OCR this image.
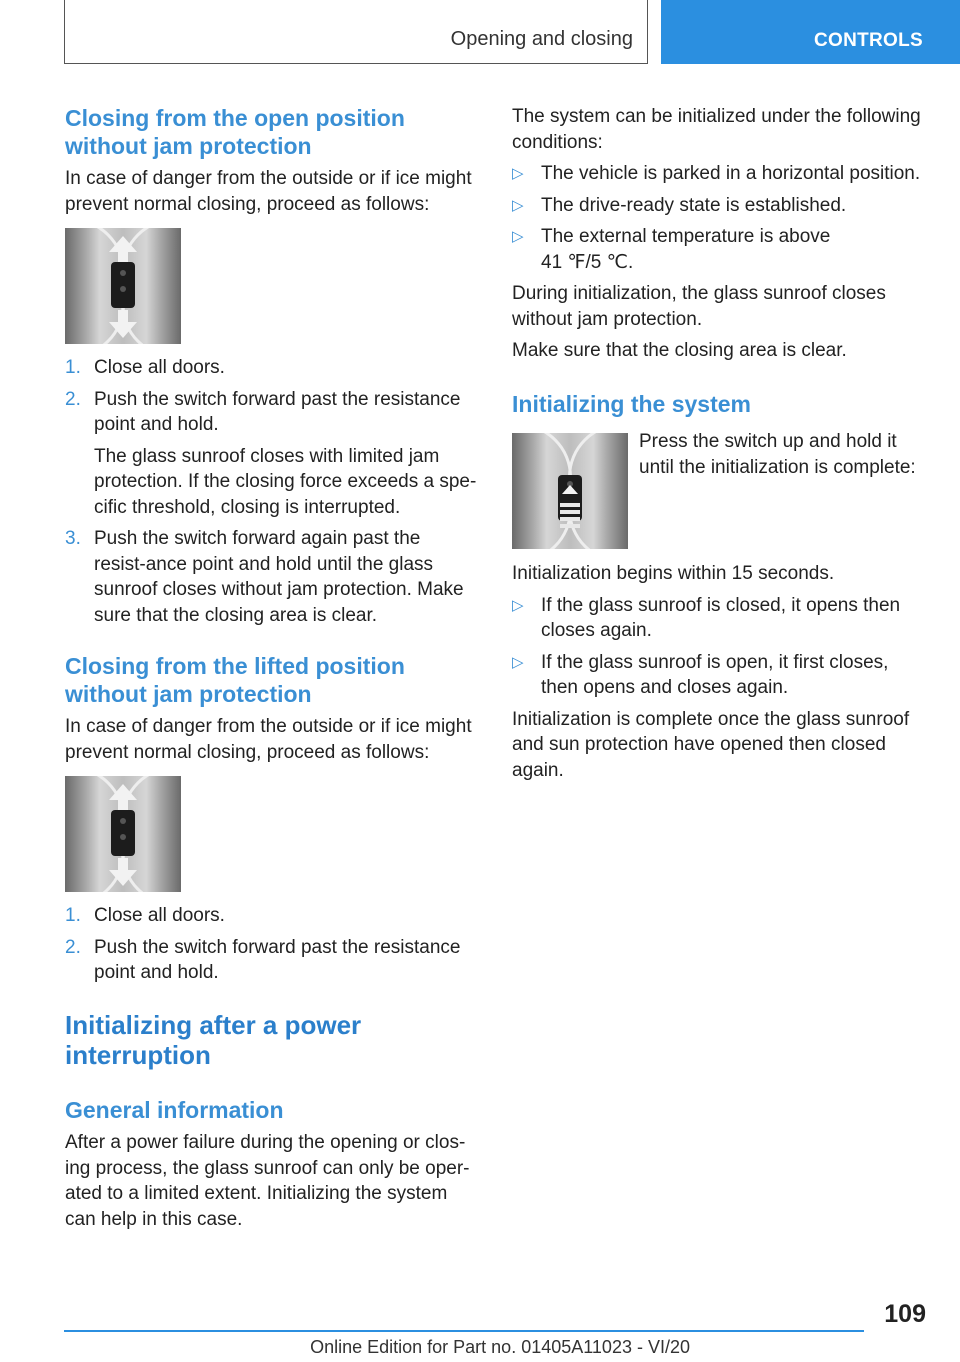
Opening and closing	CONTROLS
Closing from the open position without jam protection

In case of danger from the outside or if ice might prevent normal closing, proceed as follows:

1. Close all doors.
2. Push the switch forward past the resistance point and hold.
The glass sunroof closes with limited jam protection. If the closing force exceeds a spe‐cific threshold, closing is interrupted.
3. Push the switch forward again past the resist‐ance point and hold until the glass sunroof closes without jam protection. Make sure that the closing area is clear.
Closing from the lifted position without jam protection

In case of danger from the outside or if ice might prevent normal closing, proceed as follows:

1. Close all doors.
2. Push the switch forward past the resistance point and hold.
Initializing after a power interruption
General information

After a power failure during the opening or clos‐ing process, the glass sunroof can only be oper‐ated to a limited extent. Initializing the system can help in this case.

The system can be initialized under the following conditions:

▷ The vehicle is parked in a horizontal position.
▷ The drive-ready state is established.
▷ The external temperature is above 41 ℉/5 ℃.

During initialization, the glass sunroof closes without jam protection.

Make sure that the closing area is clear.

Initializing the system

Press the switch up and hold it until the initialization is complete:

Initialization begins within 15 seconds.

▷ If the glass sunroof is closed, it opens then closes again.
▷ If the glass sunroof is open, it first closes, then opens and closes again.

Initialization is complete once the glass sunroof and sun protection have opened then closed again.

109
Online Edition for Part no. 01405A11023 - VI/20
